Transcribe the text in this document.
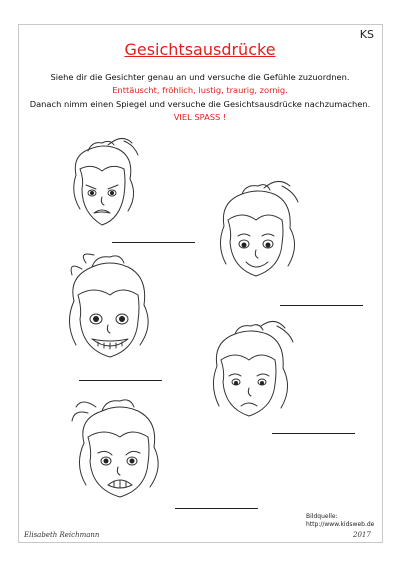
KS
Gesichtsausdrücke
Siehe dir die Gesichter genau an und versuche die Gefühle zuzuordnen.
Enttäuscht, fröhlich, lustig, traurig, zornig.
Danach nimm einen Spiegel und versuche die Gesichtsausdrücke nachzumachen.
VIEL SPASS !
Bildquelle:
http://www.kidsweb.de
Elisabeth Reichmann	2017
